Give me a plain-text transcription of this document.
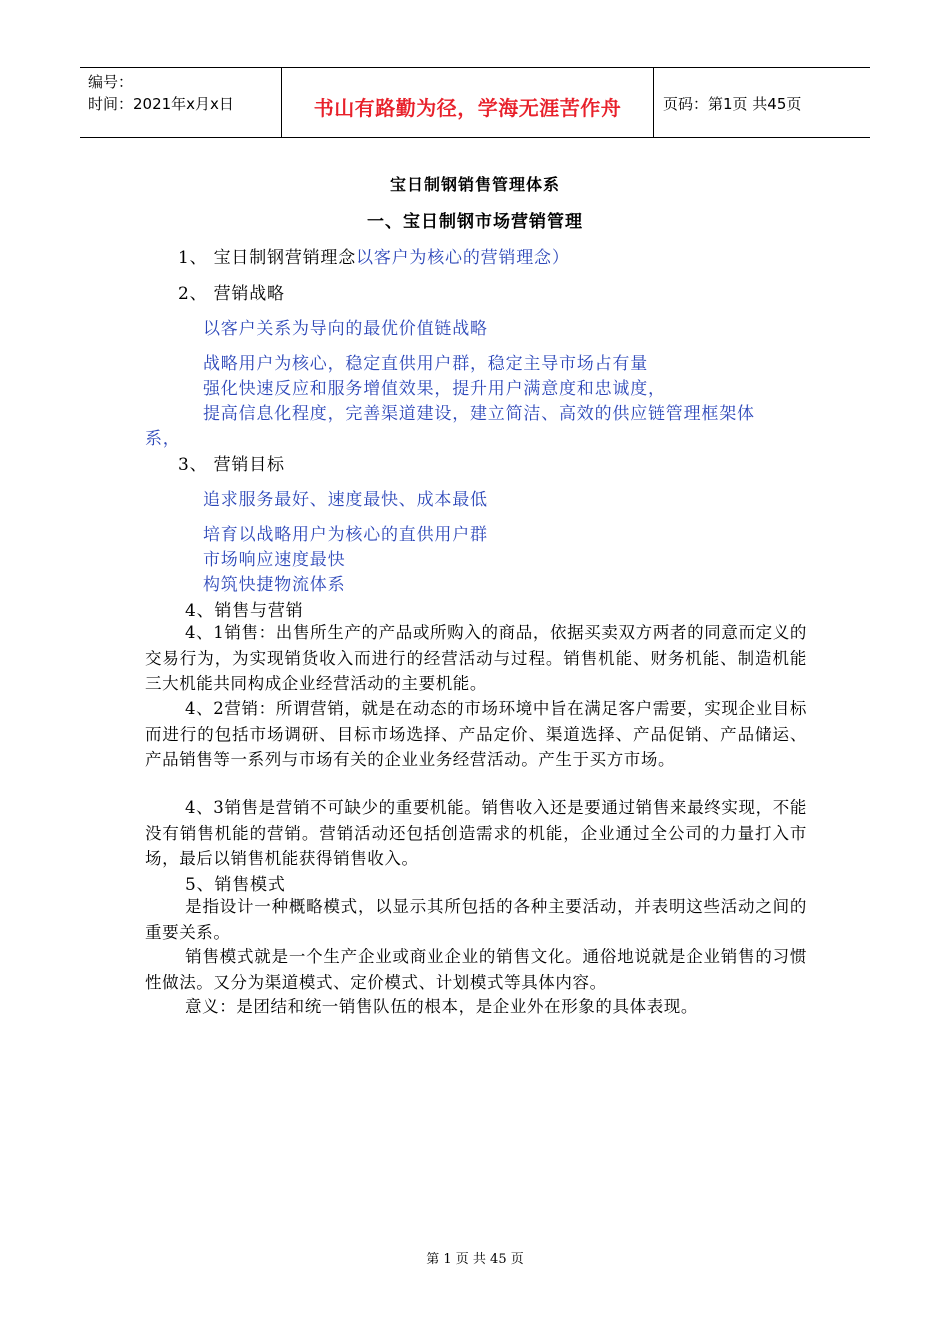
编号：
时间：2021年x月x日	书山有路勤为径，学海无涯苦作舟	页码：第1页 共45页
宝日制钢销售管理体系
一、宝日制钢市场营销管理
1、 宝日制钢营销理念以客户为核心的营销理念）
2、 营销战略
以客户关系为导向的最优价值链战略
战略用户为核心，稳定直供用户群，稳定主导市场占有量
强化快速反应和服务增值效果，提升用户满意度和忠诚度，
提高信息化程度，完善渠道建设，建立简洁、高效的供应链管理框架体
系，
3、 营销目标
追求服务最好、速度最快、成本最低
培育以战略用户为核心的直供用户群
市场响应速度最快
构筑快捷物流体系
4、销售与营销
4、1销售：出售所生产的产品或所购入的商品，依据买卖双方两者的同意而定义的交易行为，为实现销货收入而进行的经营活动与过程。销售机能、财务机能、制造机能三大机能共同构成企业经营活动的主要机能。
4、2营销：所谓营销，就是在动态的市场环境中旨在满足客户需要，实现企业目标而进行的包括市场调研、目标市场选择、产品定价、渠道选择、产品促销、产品储运、产品销售等一系列与市场有关的企业业务经营活动。产生于买方市场。
4、3销售是营销不可缺少的重要机能。销售收入还是要通过销售来最终实现，不能没有销售机能的营销。营销活动还包括创造需求的机能，企业通过全公司的力量打入市场，最后以销售机能获得销售收入。
5、销售模式
是指设计一种概略模式，以显示其所包括的各种主要活动，并表明这些活动之间的重要关系。
销售模式就是一个生产企业或商业企业的销售文化。通俗地说就是企业销售的习惯性做法。又分为渠道模式、定价模式、计划模式等具体内容。
意义：是团结和统一销售队伍的根本，是企业外在形象的具体表现。
第 1 页 共 45 页
